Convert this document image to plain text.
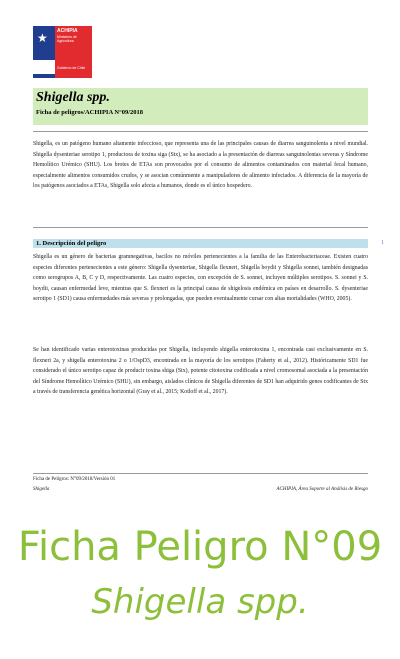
★ ACHIPIA
Ministerio de Agricultura
Gobierno de Chile
Shigella spp.
Ficha de peligros/ACHIPIA N°09/2018
Shigella, es un patógeno humano altamente infeccioso, que representa una de las principales causas de diarrea sanguinolenta a nivel mundial. Shigella dysenteriae serotipo 1, productora de toxina siga (Stx), se ha asociado a la presentación de diarreas sanguinolentas severas y Síndrome Hemolítico Urémico (SHU). Los brotes de ETAs son provocados por el consumo de alimentos contaminados con material fecal humano, especialmente alimentos consumidos crudos, y se asocian comúnmente a manipuladores de alimento infectados. A diferencia de la mayoría de los patógenos asociados a ETAs, Shigella solo afecta a humanos, donde es el único hospedero.
1. Descripción del peligro	1
Shigella es un género de bacterias gramnegativas, bacilos no móviles pertenecientes a la familia de las Enterobacteriaceae. Existen cuatro especies diferentes pertenecientes a este género: Shigella dysenteriae, Shigella flexneri, Shigella boydii y Shigella sonnei, también designadas como serogrupos A, B, C y D, respectivamente. Las cuatro especies, con excepción de S. sonnei, incluyen múltiples serotipos. S. sonnei y S. boydii, causan enfermedad leve, mientras que S. flexneri es la principal causa de shigelosis endémica en países en desarrollo. S. dysenteriae serotipo 1 (SD1) causa enfermedades más severas y prolongadas, que pueden eventualmente cursar con altas mortalidades (WHO, 2005).
Se han identificado varias enterotoxinas producidas por Shigella, incluyendo shigella enterotoxina 1, encontrada casi exclusivamente en S. flexneri 2a, y shigella enterotoxina 2 o 1/OspD3, encontrada en la mayoría de los serotipos (Faherty et al., 2012). Históricamente SD1 fue considerado el único serotipo capaz de producir toxina shiga (Stx), potente citotoxina codificada a nivel cromosomal asociada a la presentación del Síndrome Hemolítico Urémico (SHU), sin embargo, aislados clínicos de Shigella diferentes de SD1 han adquirido genes codificantes de Stx a través de transferencia genética horizontal (Gray et al., 2015; Kotloff et al., 2017).
Ficha de Peligros: N°09/2018/Versión 01
Shigella	ACHIPIA, Área Soporte al Análisis de Riesgo
Ficha Peligro N°09
Shigella spp.
